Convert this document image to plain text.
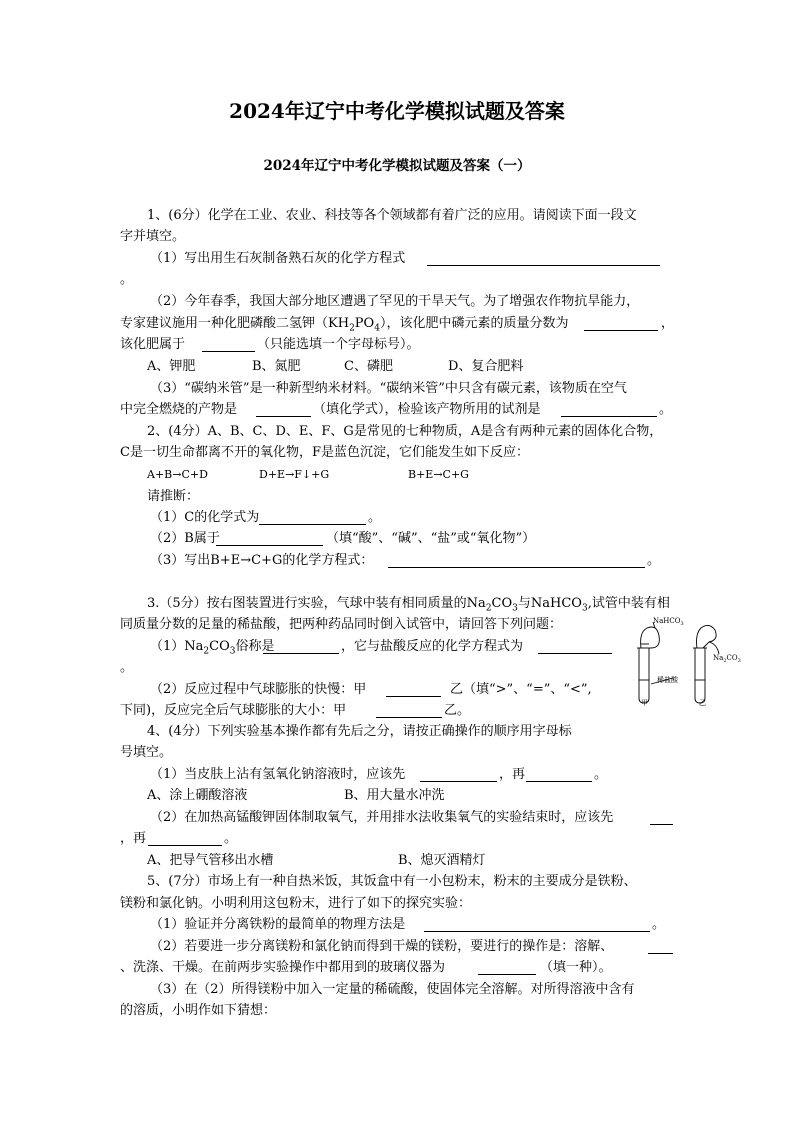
2024年辽宁中考化学模拟试题及答案
2024年辽宁中考化学模拟试题及答案（一）
1、(6分）化学在工业、农业、科技等各个领域都有着广泛的应用。请阅读下面一段文
字并填空。
（1）写出用生石灰制备熟石灰的化学方程式
。
（2）今年春季，我国大部分地区遭遇了罕见的干旱天气。为了增强农作物抗旱能力，
专家建议施用一种化肥磷酸二氢钾$(KH_2PO_4)$，该化肥中磷元素的质量分数为	，
该化肥属于	（只能选填一个字母标号）。
A、钾肥	B、氮肥	C、磷肥	D、复合肥料
（3）“碳纳米管”是一种新型纳米材料。“碳纳米管”中只含有碳元素，该物质在空气
中完全燃烧的产物是	（填化学式），检验该产物所用的试剂是	。
2、(4分）A、B、C、D、E、F、G是常见的七种物质，A是含有两种元素的固体化合物，
C是一切生命都离不开的氧化物，F是蓝色沉淀，它们能发生如下反应：
A+B→C+D	D+E→F↓+G	B+E→C+G
请推断：
（1）C的化学式为	。
（2）B属于	（填“酸”、“碱”、“盐”或“氧化物”）
（3）写出B+E→C+G的化学方程式：	。
3.（5分）按右图装置进行实验，气球中装有相同质量的$Na_2CO_3$与NaHCO$_3$,试管中装有相
同质量分数的足量的稀盐酸，把两种药品同时倒入试管中，请回答下列问题：
$(1)Na_2CO_3$俗称是	，它与盐酸反应的化学方程式为
。
（2）反应过程中气球膨胀的快慢：甲	乙（填“>”、“=”、“<”,
下同)，反应完全后气球膨胀的大小：甲	乙。
NaHCO$_3$
$Na_2CO_3$
稀盐酸
甲	乙
4、(4分）下列实验基本操作都有先后之分，请按正确操作的顺序用字母标
号填空。
（1）当皮肤上沾有氢氧化钠溶液时，应该先	，再	。
A、涂上硼酸溶液	B、用大量水冲洗
（2）在加热高锰酸钾固体制取氧气，并用排水法收集氧气的实验结束时，应该先
，再	。
A、把导气管移出水槽	B、熄灭酒精灯
5、(7分）市场上有一种自热米饭，其饭盒中有一小包粉末，粉末的主要成分是铁粉、
镁粉和氯化钠。小明利用这包粉末，进行了如下的探究实验：
（1）验证并分离铁粉的最简单的物理方法是	。
（2）若要进一步分离镁粉和氯化钠而得到干燥的镁粉，要进行的操作是：溶解、
、洗涤、干燥。在前两步实验操作中都用到的玻璃仪器为	（填一种）。
（3）在（2）所得镁粉中加入一定量的稀硫酸，使固体完全溶解。对所得溶液中含有
的溶质，小明作如下猜想：
